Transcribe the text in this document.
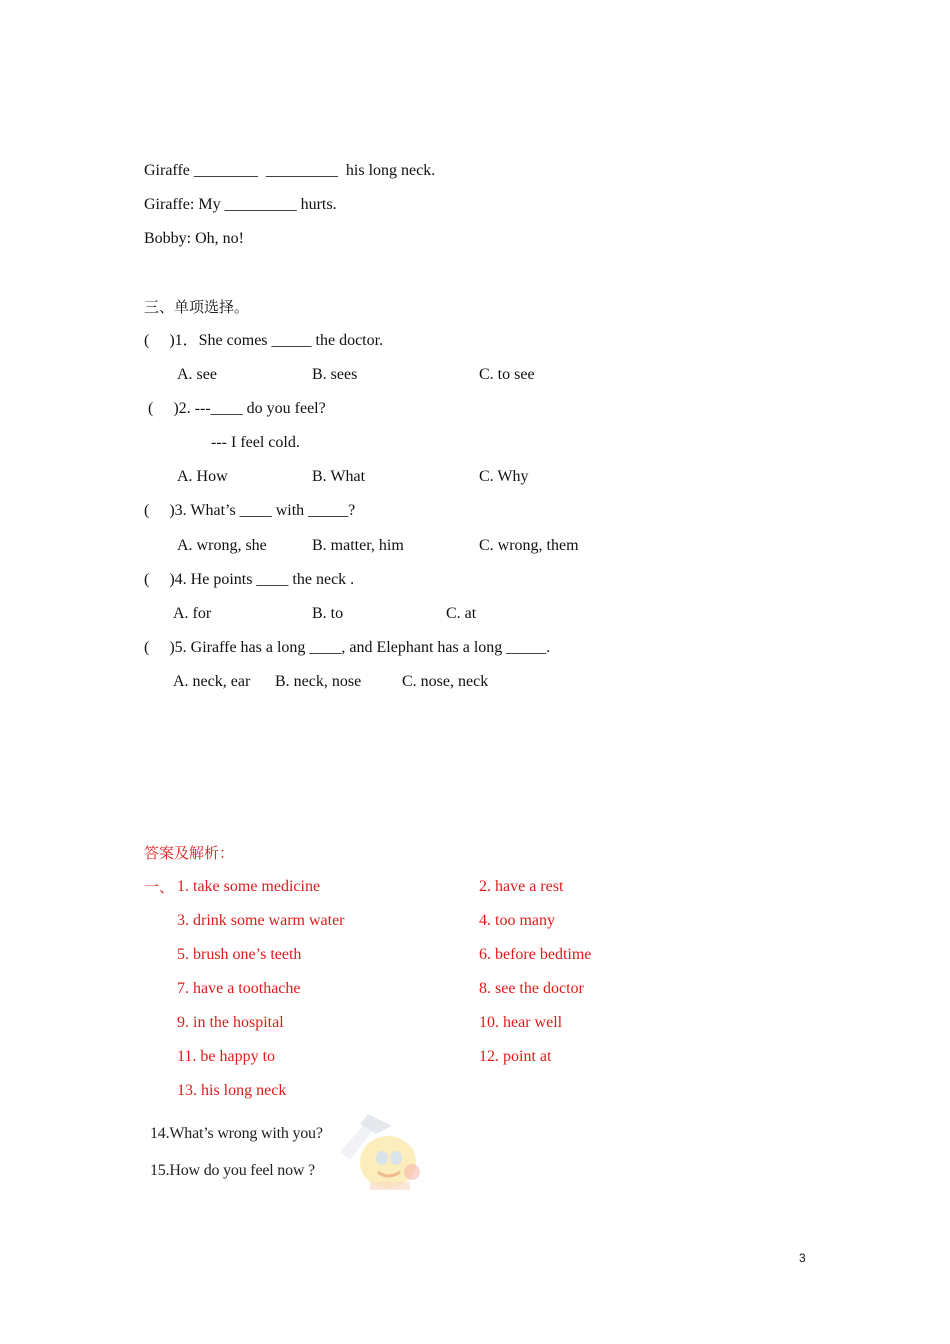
Giraffe ________  _________  his long neck.
Giraffe: My _________ hurts.
Bobby: Oh, no!
三、单项选择。
(     )1．She comes _____ the doctor.
A. see	B. sees	C. to see
(     )2. ---____ do you feel?
--- I feel cold.
A. How	B. What	C. Why
(     )3. What’s ____ with _____?
A. wrong, she	B. matter, him	C. wrong, them
(     )4. He points ____ the neck .
A. for	B. to	C. at
(     )5. Giraffe has a long ____, and Elephant has a long _____.
A. neck, ear B. neck, nose	C. nose, neck
答案及解析：
一、 1. take some medicine	2. have a rest
3. drink some warm water	4. too many
5. brush one’s teeth	6. before bedtime
7. have a toothache	8. see the doctor
9. in the hospital	10. hear well
11. be happy to	12. point at
13. his long neck
14.What’s wrong with you?
15.How do you feel now ?
3
